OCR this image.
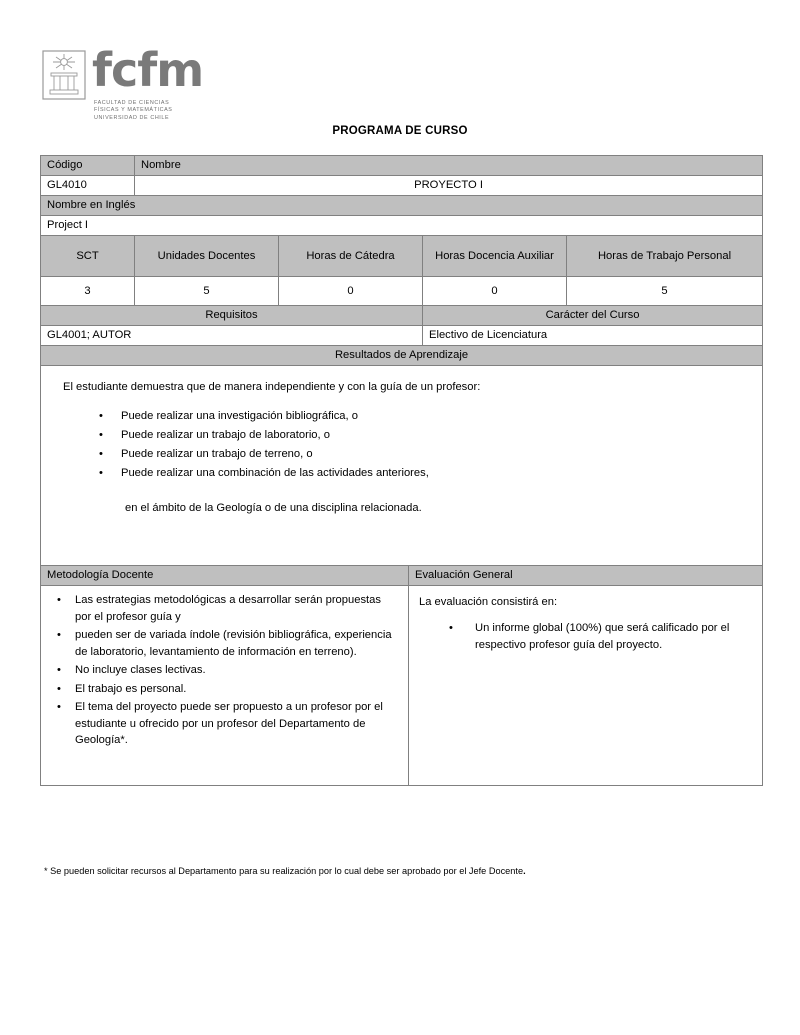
fcfm
FACULTAD DE CIENCIAS
FÍSICAS Y MATEMÁTICAS
UNIVERSIDAD DE CHILE
PROGRAMA DE CURSO
Código	Nombre			
GL4010	PROYECTO I			
Nombre en Inglés				
Project I				
SCT	Unidades Docentes	Horas de Cátedra	Horas Docencia Auxiliar	Horas de Trabajo Personal
3	5	0	0	5
Requisitos			Carácter del Curso	
GL4001; AUTOR			Electivo de Licenciatura	
Resultados de Aprendizaje				

El estudiante demuestra que de manera independiente y con la guía de un profesor:

• Puede realizar una investigación bibliográfica, o
• Puede realizar un trabajo de laboratorio, o
• Puede realizar un trabajo de terreno, o
• Puede realizar una combinación de las actividades anteriores,

en el ámbito de la Geología o de una disciplina relacionada.

Metodología Docente	Evaluación General

• Las estrategias metodológicas a desarrollar serán propuestas por el profesor guía y
• pueden ser de variada índole (revisión bibliográfica, experiencia de laboratorio, levantamiento de información en terreno).
• No incluye clases lectivas.
• El trabajo es personal.
• El tema del proyecto puede ser propuesto a un profesor por el estudiante u ofrecido por un profesor del Departamento de Geología*.

La evaluación consistirá en:

• Un informe global (100%) que será calificado por el respectivo profesor guía del proyecto.
* Se pueden solicitar recursos al Departamento para su realización por lo cual debe ser aprobado por el Jefe Docente.
